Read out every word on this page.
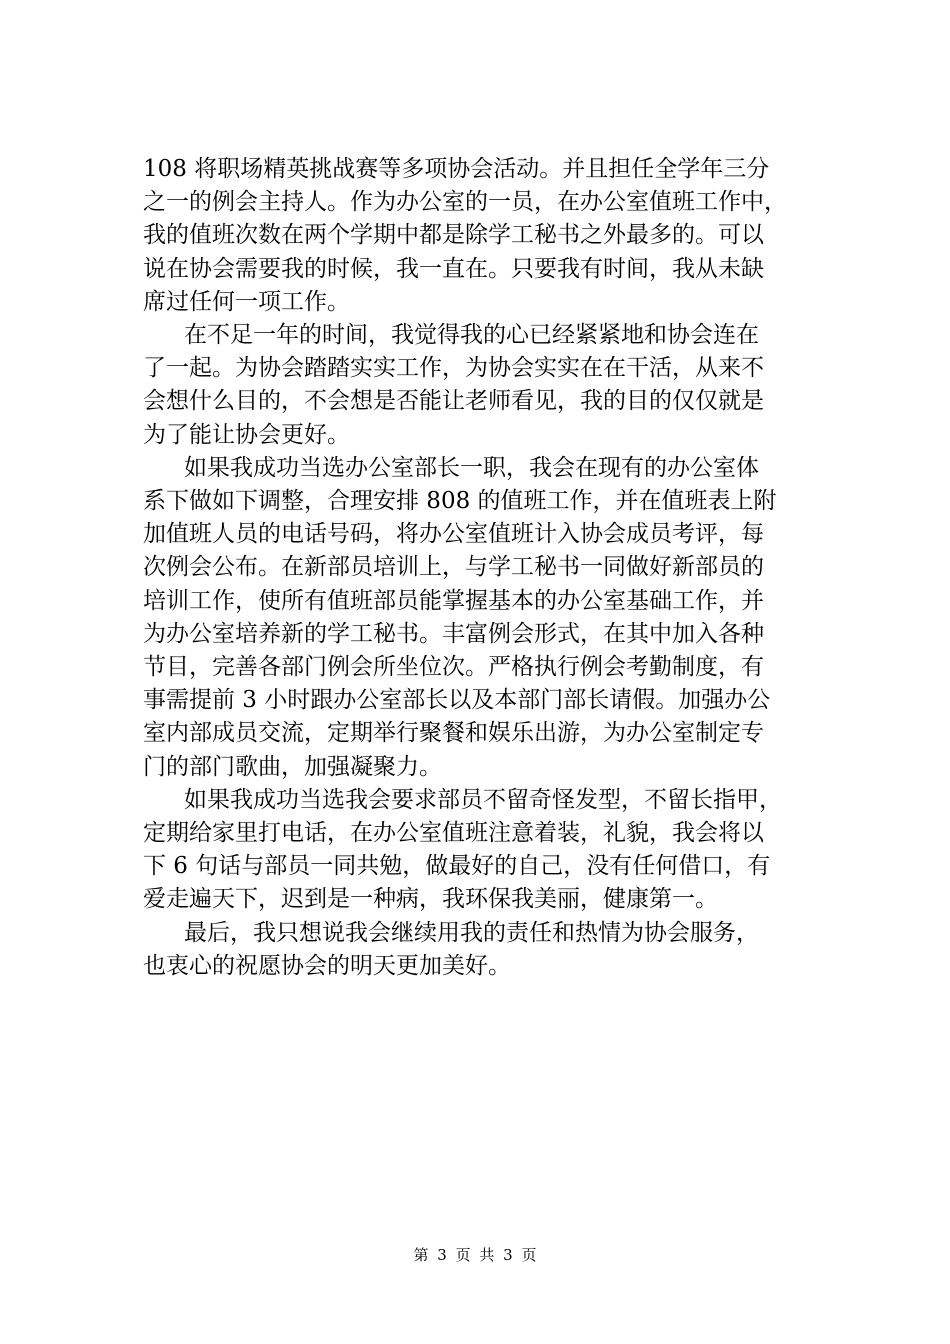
108 将职场精英挑战赛等多项协会活动。并且担任全学年三分
之一的例会主持人。作为办公室的一员，在办公室值班工作中，
我的值班次数在两个学期中都是除学工秘书之外最多的。可以
说在协会需要我的时候，我一直在。只要我有时间，我从未缺
席过任何一项工作。

在不足一年的时间，我觉得我的心已经紧紧地和协会连在
了一起。为协会踏踏实实工作，为协会实实在在干活，从来不
会想什么目的，不会想是否能让老师看见，我的目的仅仅就是
为了能让协会更好。

如果我成功当选办公室部长一职，我会在现有的办公室体
系下做如下调整，合理安排 808 的值班工作，并在值班表上附
加值班人员的电话号码，将办公室值班计入协会成员考评，每
次例会公布。在新部员培训上，与学工秘书一同做好新部员的
培训工作，使所有值班部员能掌握基本的办公室基础工作，并
为办公室培养新的学工秘书。丰富例会形式，在其中加入各种
节目，完善各部门例会所坐位次。严格执行例会考勤制度，有
事需提前 3 小时跟办公室部长以及本部门部长请假。加强办公
室内部成员交流，定期举行聚餐和娱乐出游，为办公室制定专
门的部门歌曲，加强凝聚力。

如果我成功当选我会要求部员不留奇怪发型，不留长指甲，
定期给家里打电话，在办公室值班注意着装，礼貌，我会将以
下 6 句话与部员一同共勉，做最好的自己，没有任何借口，有
爱走遍天下，迟到是一种病，我环保我美丽，健康第一。

最后，我只想说我会继续用我的责任和热情为协会服务，
也衷心的祝愿协会的明天更加美好。

第 3 页 共 3 页
